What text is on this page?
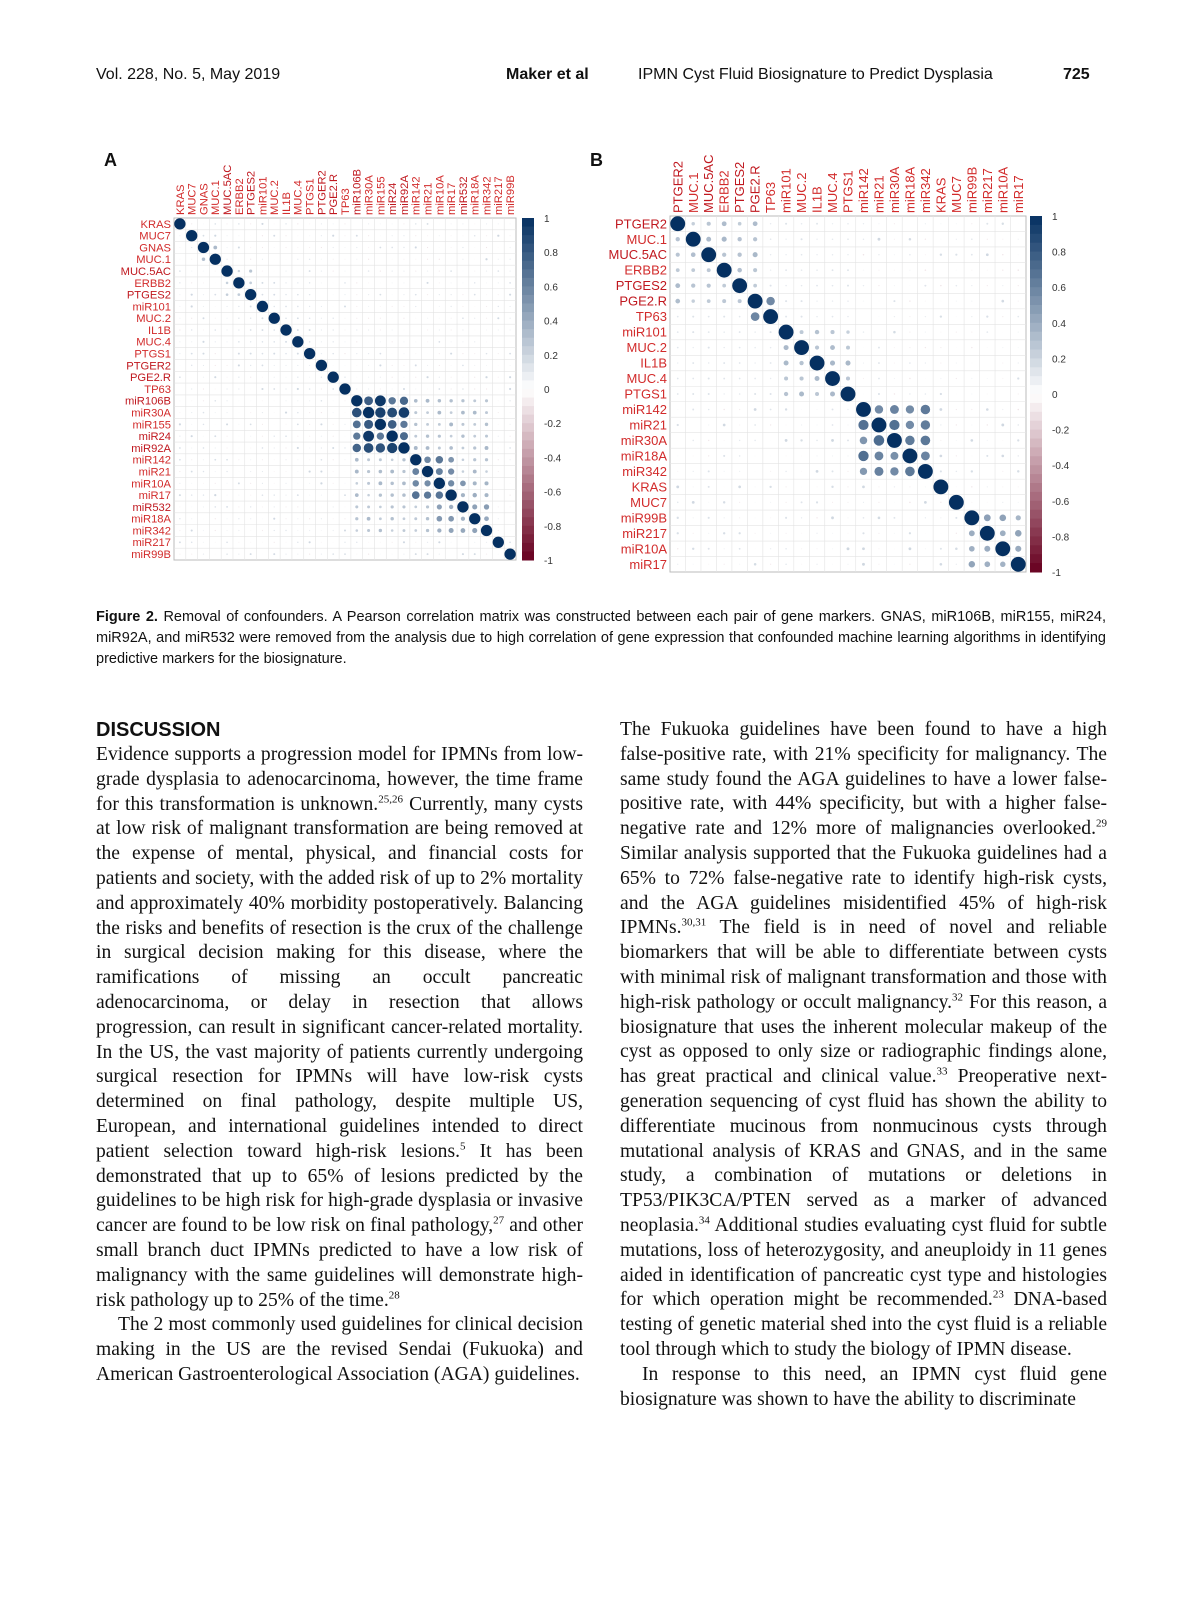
Vol. 228, No. 5, May 2019	Maker et al	IPMN Cyst Fluid Biosignature to Predict Dysplasia	725
A
KRAS
KRAS
MUC7
MUC7
GNAS
GNAS
MUC.1
MUC.1
MUC.5AC
MUC.5AC
ERBB2
ERBB2
PTGES2
PTGES2
miR101
miR101
MUC.2
MUC.2
IL1B
IL1B
MUC.4
MUC.4
PTGS1
PTGS1
PTGER2
PTGER2
PGE2.R
PGE2.R
TP63
TP63
miR106B
miR106B
miR30A
miR30A
miR155
miR155
miR24
miR24
miR92A
miR92A
miR142
miR142
miR21
miR21
miR10A
miR10A
miR17
miR17
miR532
miR532
miR18A
miR18A
miR342
miR342
miR217
miR217
miR99B
miR99B
1
0.8
0.6
0.4
0.2
0
-0.2
-0.4
-0.6
-0.8
-1
B
PTGER2
PTGER2
MUC.1
MUC.1
MUC.5AC
MUC.5AC
ERBB2
ERBB2
PTGES2
PTGES2
PGE2.R
PGE2.R
TP63
TP63
miR101
miR101
MUC.2
MUC.2
IL1B
IL1B
MUC.4
MUC.4
PTGS1
PTGS1
miR142
miR142
miR21
miR21
miR30A
miR30A
miR18A
miR18A
miR342
miR342
KRAS
KRAS
MUC7
MUC7
miR99B
miR99B
miR217
miR217
miR10A
miR10A
miR17
miR17
1
0.8
0.6
0.4
0.2
0
-0.2
-0.4
-0.6
-0.8
-1
Figure 2. Removal of confounders. A Pearson correlation matrix was constructed between each pair of gene markers. GNAS, miR106B, miR155, miR24, miR92A, and miR532 were removed from the analysis due to high correlation of gene expression that confounded machine learning algorithms in identifying predictive markers for the biosignature.
DISCUSSION

Evidence supports a progression model for IPMNs from low-grade dysplasia to adenocarcinoma, however, the time frame for this transformation is unknown.$^{25,26}$ Currently, many cysts at low risk of malignant transformation are being removed at the expense of mental, physical, and financial costs for patients and society, with the added risk of up to 2% mortality and approximately 40% morbidity postoperatively. Balancing the risks and benefits of resection is the crux of the challenge in surgical decision making for this disease, where the ramifications of missing an occult pancreatic adenocarcinoma, or delay in resection that allows progression, can result in significant cancer-related mortality. In the US, the vast majority of patients currently undergoing surgical resection for IPMNs will have low-risk cysts determined on final pathology, despite multiple US, European, and international guidelines intended to direct patient selection toward high-risk lesions.$^5$ It has been demonstrated that up to 65% of lesions predicted by the guidelines to be high risk for high-grade dysplasia or invasive cancer are found to be low risk on final pathology,$^{27}$ and other small branch duct IPMNs predicted to have a low risk of malignancy with the same guidelines will demonstrate high-risk pathology up to 25% of the time.$^{28}$

The 2 most commonly used guidelines for clinical decision making in the US are the revised Sendai (Fukuoka) and American Gastroenterological Association (AGA) guidelines.

The Fukuoka guidelines have been found to have a high false-positive rate, with 21% specificity for malignancy. The same study found the AGA guidelines to have a lower false-positive rate, with 44% specificity, but with a higher false-negative rate and 12% more of malignancies overlooked.$^{29}$ Similar analysis supported that the Fukuoka guidelines had a 65% to 72% false-negative rate to identify high-risk cysts, and the AGA guidelines misidentified 45% of high-risk IPMNs.$^{30,31}$ The field is in need of novel and reliable biomarkers that will be able to differentiate between cysts with minimal risk of malignant transformation and those with high-risk pathology or occult malignancy.$^{32}$ For this reason, a biosignature that uses the inherent molecular makeup of the cyst as opposed to only size or radiographic findings alone, has great practical and clinical value.$^{33}$ Preoperative next-generation sequencing of cyst fluid has shown the ability to differentiate mucinous from nonmucinous cysts through mutational analysis of KRAS and GNAS, and in the same study, a combination of mutations or deletions in TP53/PIK3CA/PTEN served as a marker of advanced neoplasia.$^{34}$ Additional studies evaluating cyst fluid for subtle mutations, loss of heterozygosity, and aneuploidy in 11 genes aided in identification of pancreatic cyst type and histologies for which operation might be recommended.$^{23}$ DNA-based testing of genetic material shed into the cyst fluid is a reliable tool through which to study the biology of IPMN disease.

In response to this need, an IPMN cyst fluid gene biosignature was shown to have the ability to discriminate
